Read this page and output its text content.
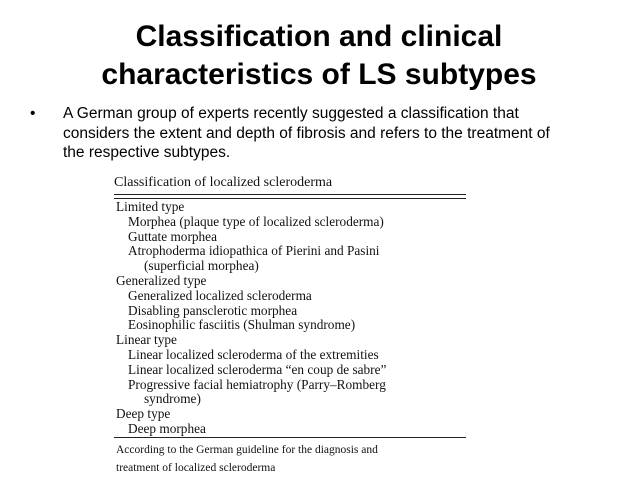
Classification and clinical
characteristics of LS subtypes
• A German group of experts recently suggested a classification that
considers the extent and depth of fibrosis and refers to the treatment of
the respective subtypes.
Classification of localized scleroderma
Limited type
Morphea (plaque type of localized scleroderma)
Guttate morphea
Atrophoderma idiopathica of Pierini and Pasini
(superficial morphea)
Generalized type
Generalized localized scleroderma
Disabling pansclerotic morphea
Eosinophilic fasciitis (Shulman syndrome)
Linear type
Linear localized scleroderma of the extremities
Linear localized scleroderma “en coup de sabre”
Progressive facial hemiatrophy (Parry–Romberg
syndrome)
Deep type
Deep morphea
According to the German guideline for the diagnosis and
treatment of localized scleroderma
